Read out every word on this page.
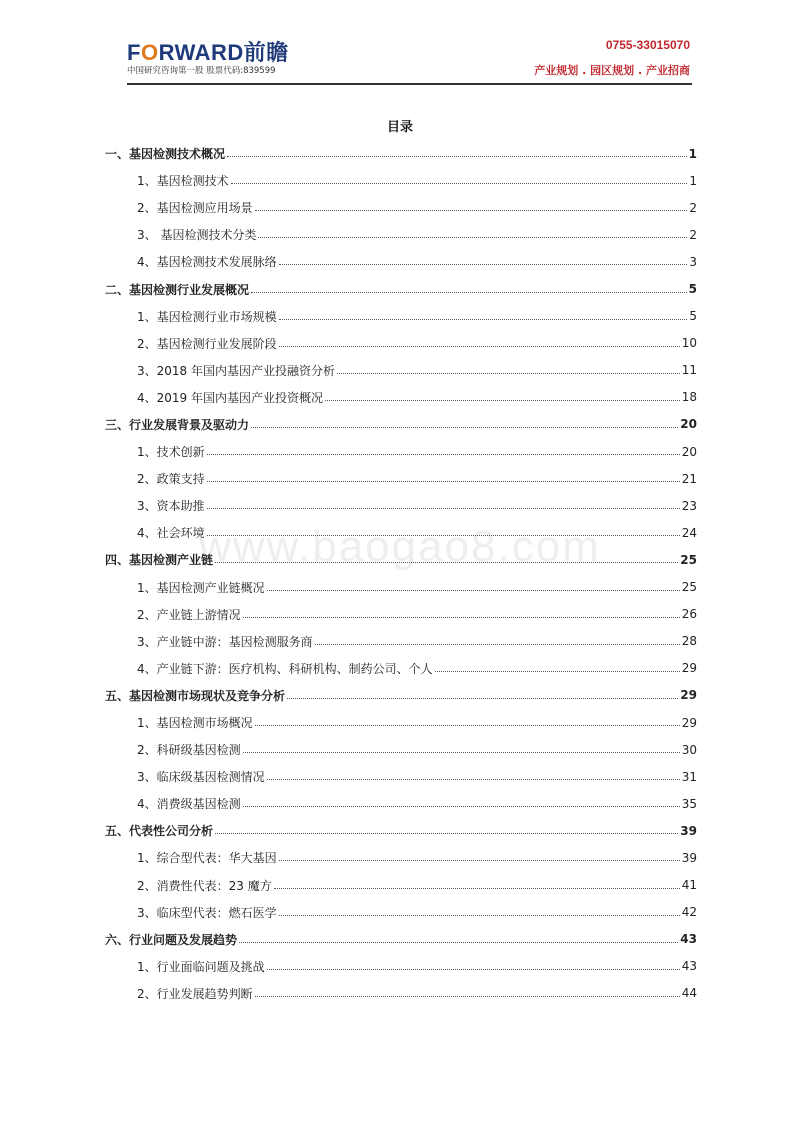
FORWARD前瞻
中国研究咨询第一股 股票代码:839599
0755-33015070
产业规划 . 园区规划 . 产业招商
目录
www.baogao8.com
一、基因检测技术概况	1
1、基因检测技术	1
2、基因检测应用场景	2
3、 基因检测技术分类	2
4、基因检测技术发展脉络	3
二、基因检测行业发展概况	5
1、基因检测行业市场规模	5
2、基因检测行业发展阶段	10
3、2018 年国内基因产业投融资分析	11
4、2019 年国内基因产业投资概况	18
三、行业发展背景及驱动力	20
1、技术创新	20
2、政策支持	21
3、资本助推	23
4、社会环境	24
四、基因检测产业链	25
1、基因检测产业链概况	25
2、产业链上游情况	26
3、产业链中游：基因检测服务商	28
4、产业链下游：医疗机构、科研机构、制药公司、个人	29
五、基因检测市场现状及竞争分析	29
1、基因检测市场概况	29
2、科研级基因检测	30
3、临床级基因检测情况	31
4、消费级基因检测	35
五、代表性公司分析	39
1、综合型代表：华大基因	39
2、消费性代表：23 魔方	41
3、临床型代表：燃石医学	42
六、行业问题及发展趋势	43
1、行业面临问题及挑战	43
2、行业发展趋势判断	44
